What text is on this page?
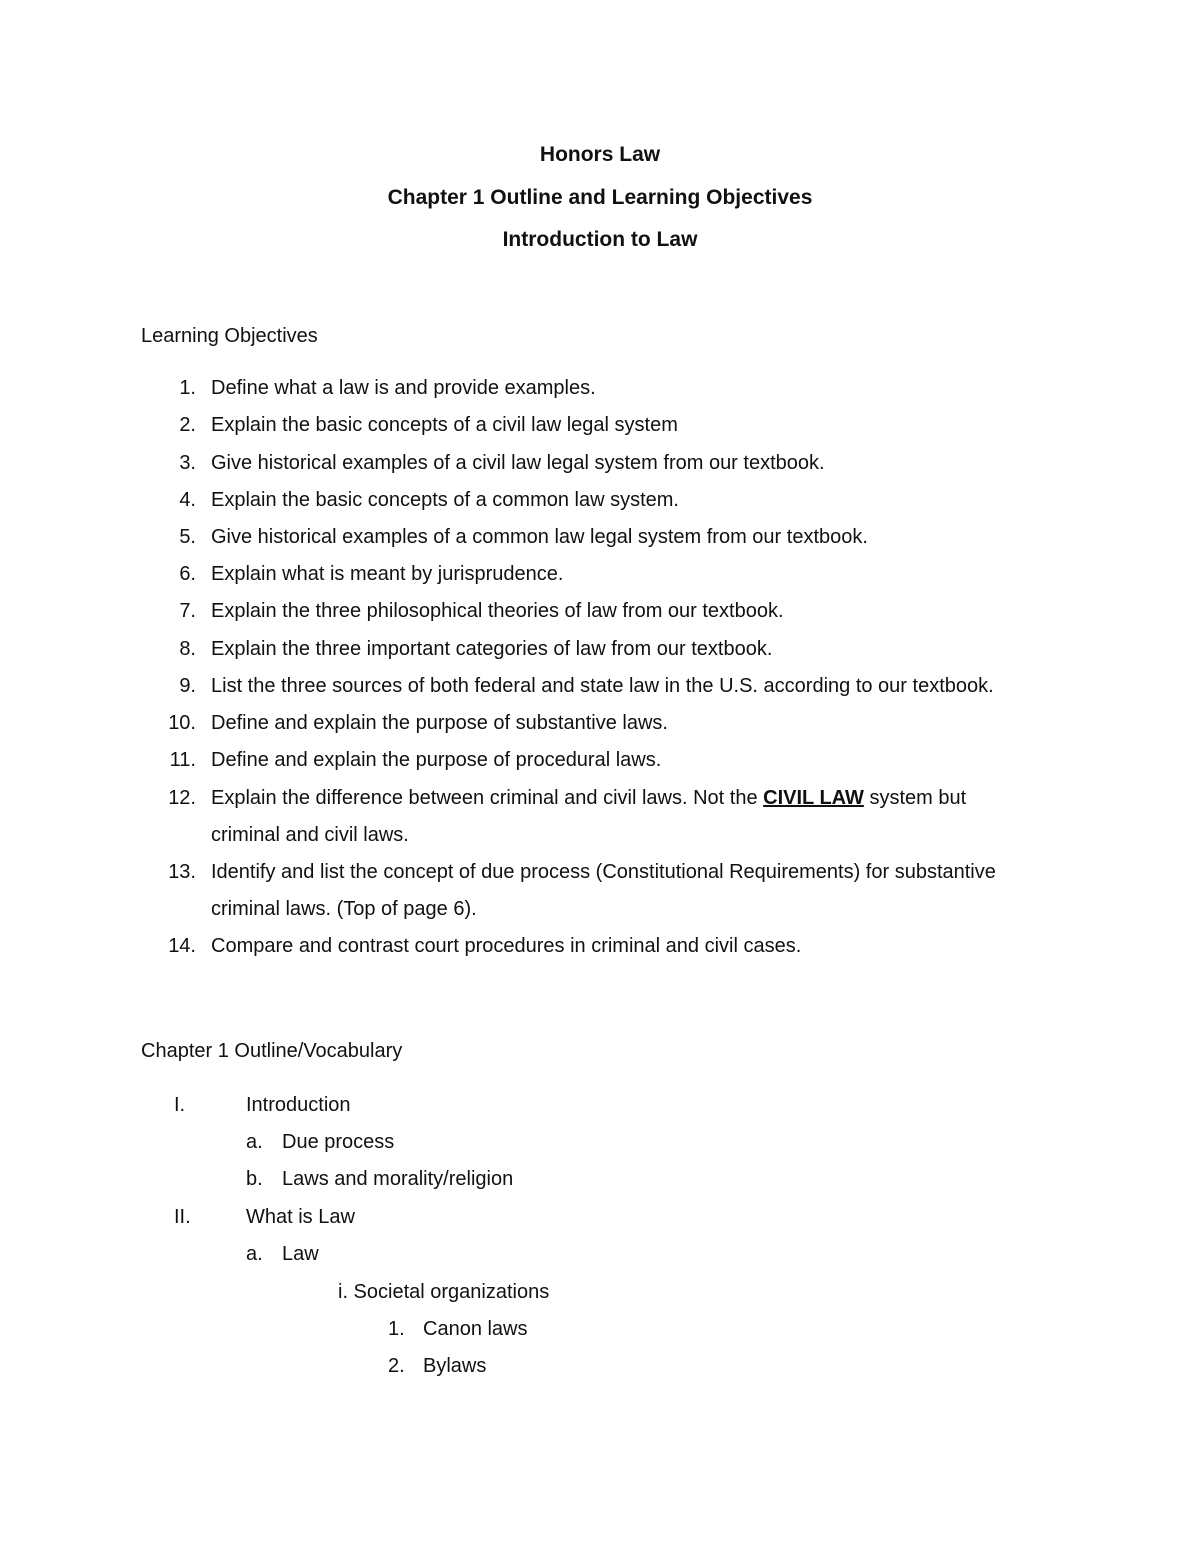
Honors Law
Chapter 1 Outline and Learning Objectives
Introduction to Law
Learning Objectives
1. Define what a law is and provide examples.
2. Explain the basic concepts of a civil law legal system
3. Give historical examples of a civil law legal system from our textbook.
4. Explain the basic concepts of a common law system.
5. Give historical examples of a common law legal system from our textbook.
6. Explain what is meant by jurisprudence.
7. Explain the three philosophical theories of law from our textbook.
8. Explain the three important categories of law from our textbook.
9. List the three sources of both federal and state law in the U.S. according to our textbook.
10. Define and explain the purpose of substantive laws.
11. Define and explain the purpose of procedural laws.
12. Explain the difference between criminal and civil laws. Not the CIVIL LAW system but
criminal and civil laws.
13. Identify and list the concept of due process (Constitutional Requirements) for substantive
criminal laws. (Top of page 6).
14. Compare and contrast court procedures in criminal and civil cases.
Chapter 1 Outline/Vocabulary
I.	Introduction
a. Due process
b. Laws and morality/religion
II.	What is Law
a. Law
i. Societal organizations
1. Canon laws
2. Bylaws
